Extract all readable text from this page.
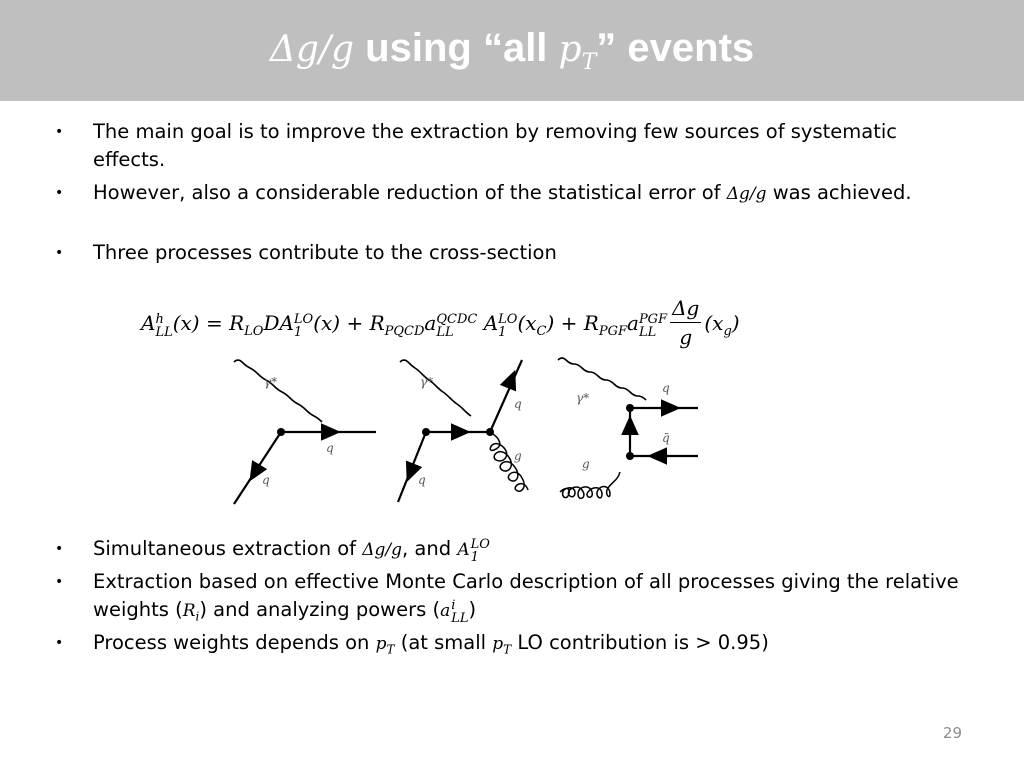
Δg/g using “all $p_T$” events
• The main goal is to improve the extraction by removing few sources of systematic effects.
• However, also a considerable reduction of the statistical error of Δg/g was achieved.
• Three processes contribute to the cross-section
A h
LL $(x) = R_{LO}DA$ LO
1 $(x) + R_{PQCD}a$ QCDC
LL	A LO
1 $(x_C) + R_{PGF}a$ PGF
LL $\frac{\Delta g}{g} (x_g)$
γ*
q
q
γ*
q
g
q
γ*
q
q̄
g
• Simultaneous extraction of Δg/g, and A LO
1
• Extraction based on effective Monte Carlo description of all processes giving the relative weights $(R_i)$ and analyzing powers (a i
LL )
• Process weights depends on $p_T$ (at small $p_T$ LO contribution is > 0.95)
29
